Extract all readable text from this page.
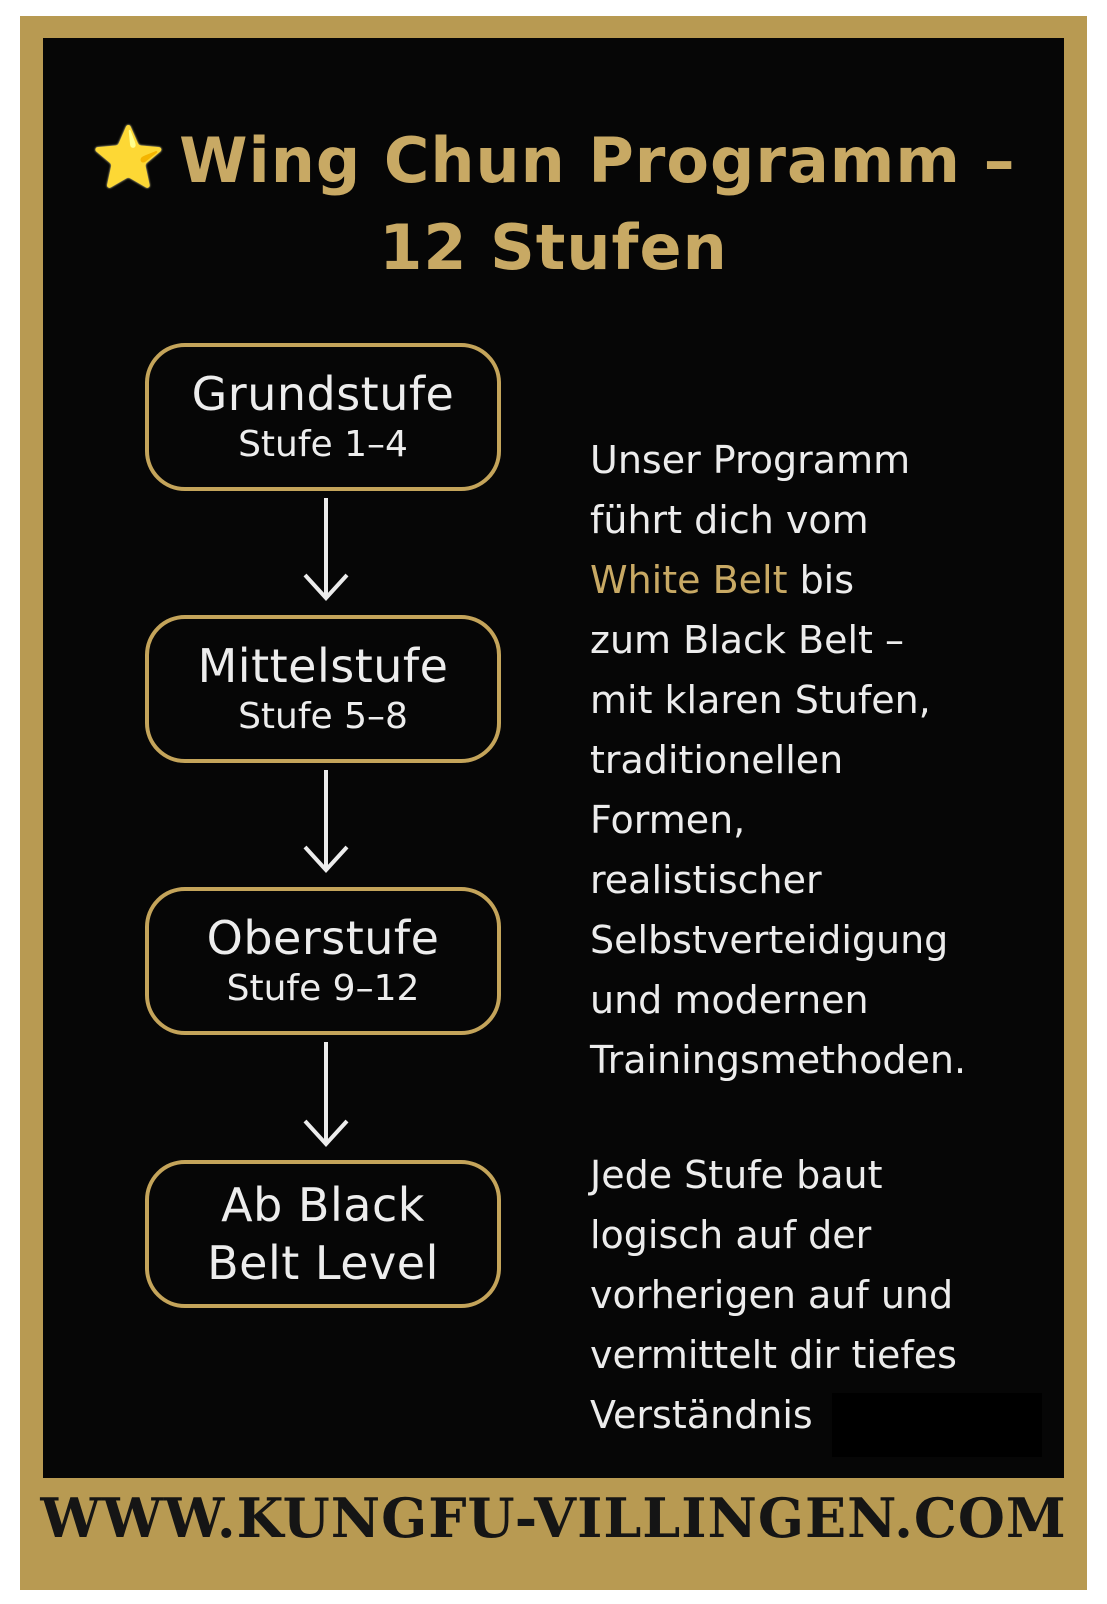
⭐ Wing Chun Programm –
12 Stufen
Grundstufe
Stufe 1–4
Mittelstufe
Stufe 5–8
Oberstufe
Stufe 9–12
Ab Black
Belt Level
Unser Programm
führt dich vom
White Belt bis
zum Black Belt –
mit klaren Stufen,
traditionellen
Formen,
realistischer
Selbstverteidigung
und modernen
Trainingsmethoden.
Jede Stufe baut
logisch auf der
vorherigen auf und
vermittelt dir tiefes
Verständnis
WWW.KUNGFU-VILLINGEN.COM
